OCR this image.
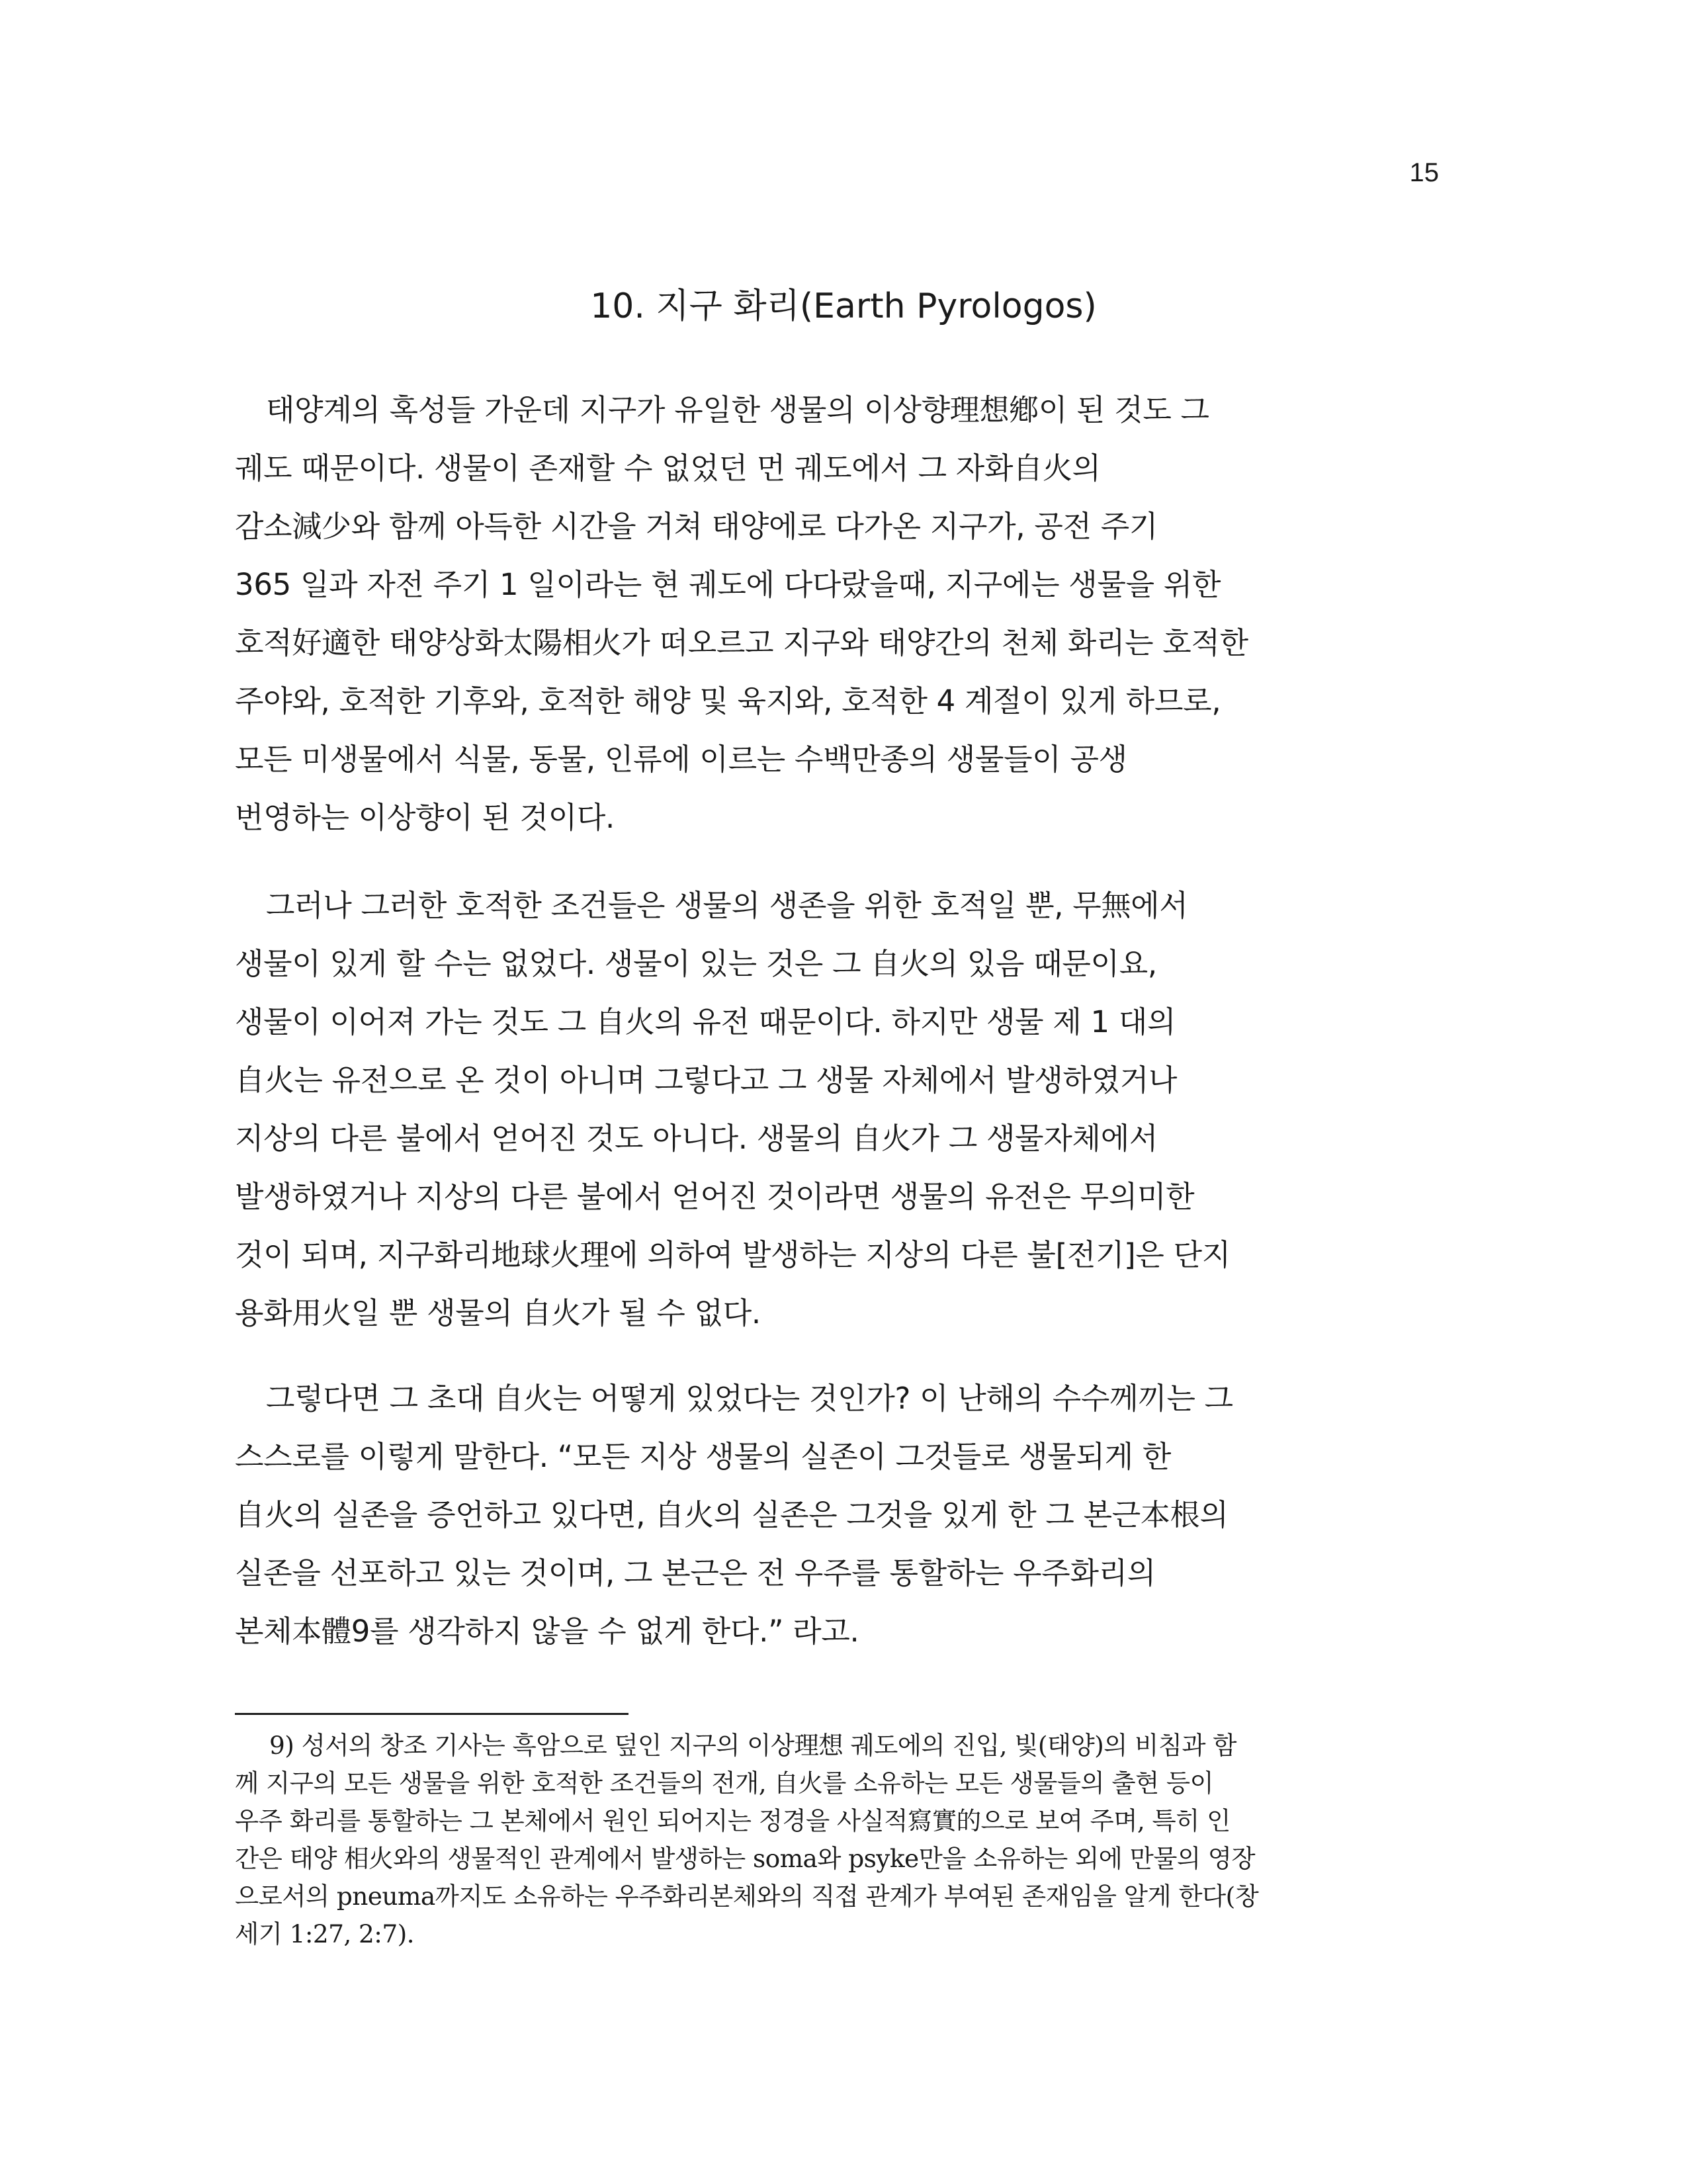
15
10. 지구 화리(Earth Pyrologos)
태양계의 혹성들 가운데 지구가 유일한 생물의 이상향理想鄕이 된 것도 그
궤도 때문이다. 생물이 존재할 수 없었던 먼 궤도에서 그 자화自火의
감소減少와 함께 아득한 시간을 거쳐 태양에로 다가온 지구가, 공전 주기
365 일과 자전 주기 1 일이라는 현 궤도에 다다랐을때, 지구에는 생물을 위한
호적好適한 태양상화太陽相火가 떠오르고 지구와 태양간의 천체 화리는 호적한
주야와, 호적한 기후와, 호적한 해양 및 육지와, 호적한 4 계절이 있게 하므로,
모든 미생물에서 식물, 동물, 인류에 이르는 수백만종의 생물들이 공생
번영하는 이상향이 된 것이다.
그러나 그러한 호적한 조건들은 생물의 생존을 위한 호적일 뿐, 무無에서
생물이 있게 할 수는 없었다. 생물이 있는 것은 그 自火의 있음 때문이요,
생물이 이어져 가는 것도 그 自火의 유전 때문이다. 하지만 생물 제 1 대의
自火는 유전으로 온 것이 아니며 그렇다고 그 생물 자체에서 발생하였거나
지상의 다른 불에서 얻어진 것도 아니다. 생물의 自火가 그 생물자체에서
발생하였거나 지상의 다른 불에서 얻어진 것이라면 생물의 유전은 무의미한
것이 되며, 지구화리地球火理에 의하여 발생하는 지상의 다른 불[전기]은 단지
용화用火일 뿐 생물의 自火가 될 수 없다.
그렇다면 그 초대 自火는 어떻게 있었다는 것인가? 이 난해의 수수께끼는 그
스스로를 이렇게 말한다. “모든 지상 생물의 실존이 그것들로 생물되게 한
自火의 실존을 증언하고 있다면, 自火의 실존은 그것을 있게 한 그 본근本根의
실존을 선포하고 있는 것이며, 그 본근은 전 우주를 통할하는 우주화리의
본체本體9를 생각하지 않을 수 없게 한다.” 라고.
9) 성서의 창조 기사는 흑암으로 덮인 지구의 이상理想 궤도에의 진입, 빛(태양)의 비침과 함
께 지구의 모든 생물을 위한 호적한 조건들의 전개, 自火를 소유하는 모든 생물들의 출현 등이
우주 화리를 통할하는 그 본체에서 원인 되어지는 정경을 사실적寫實的으로 보여 주며, 특히 인
간은 태양 相火와의 생물적인 관계에서 발생하는 soma와 psyke만을 소유하는 외에 만물의 영장
으로서의 pneuma까지도 소유하는 우주화리본체와의 직접 관계가 부여된 존재임을 알게 한다(창
세기 1:27, 2:7).
